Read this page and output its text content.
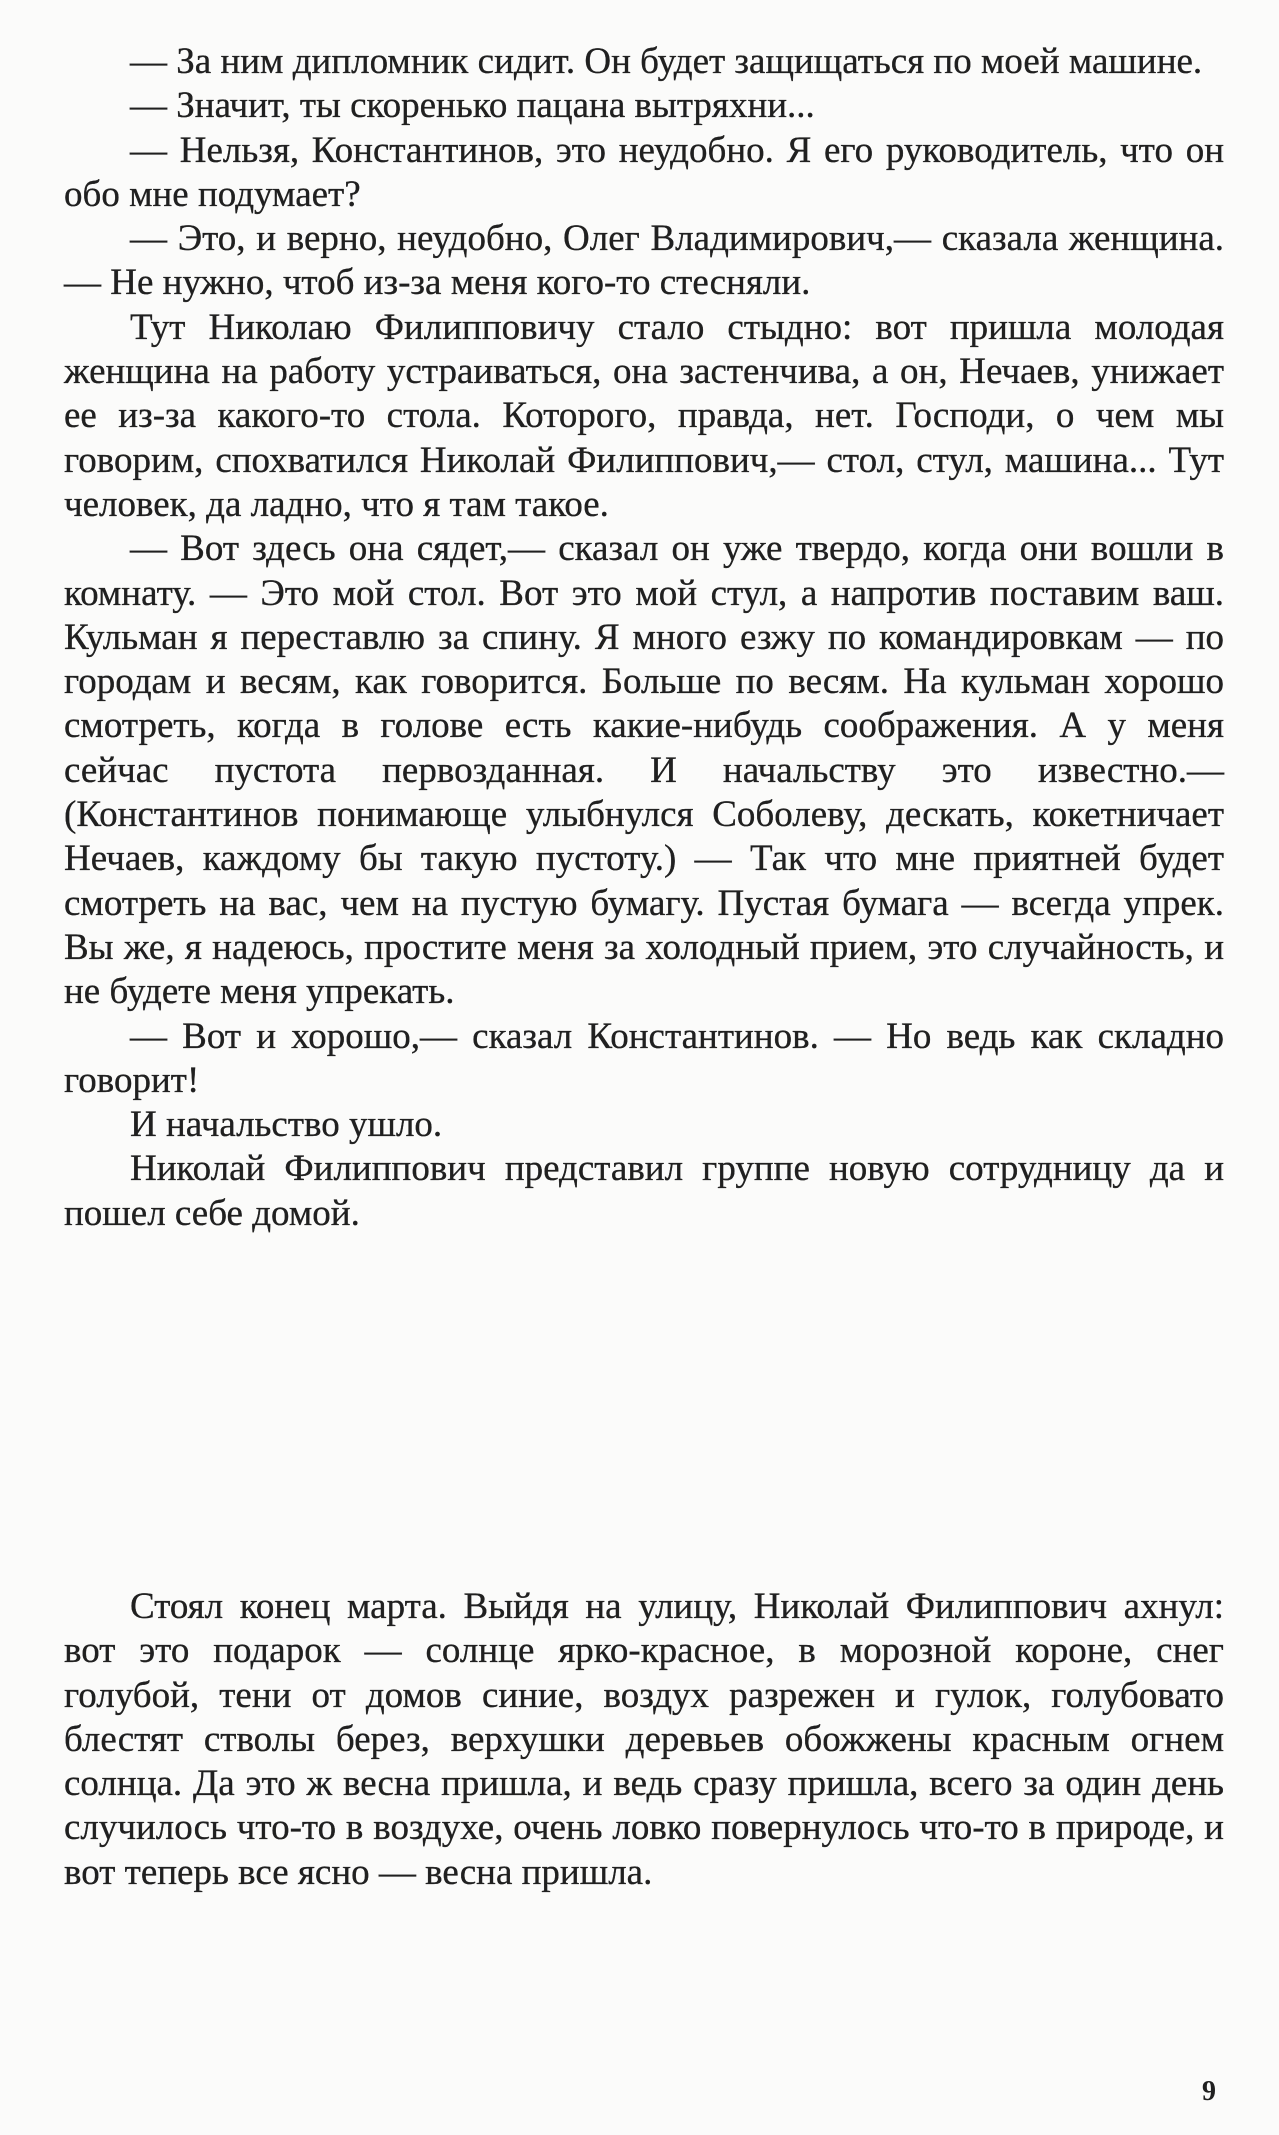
— За ним дипломник сидит. Он будет защищаться по моей машине.

— Значит, ты скоренько пацана вытряхни...

— Нельзя, Константинов, это неудобно. Я его руководитель, что он обо мне подумает?

— Это, и верно, неудобно, Олег Владимирович,— сказала женщина. — Не нужно, чтоб из-за меня кого-то стесняли.

Тут Николаю Филипповичу стало стыдно: вот пришла молодая женщина на работу устраиваться, она застенчива, а он, Нечаев, унижает ее из-за какого-то стола. Которого, правда, нет. Господи, о чем мы говорим, спохватился Николай Филиппович,— стол, стул, машина... Тут человек, да ладно, что я там такое.

— Вот здесь она сядет,— сказал он уже твердо, когда они вошли в комнату. — Это мой стол. Вот это мой стул, а напротив поставим ваш. Кульман я переставлю за спину. Я много езжу по командировкам — по городам и весям, как говорится. Больше по весям. На кульман хорошо смотреть, когда в голове есть какие-нибудь соображения. А у меня сейчас пустота первозданная. И начальству это известно.— (Константинов понимающе улыбнулся Соболеву, дескать, кокетничает Нечаев, каждому бы такую пустоту.) — Так что мне приятней будет смотреть на вас, чем на пустую бумагу. Пустая бумага — всегда упрек. Вы же, я надеюсь, простите меня за холодный прием, это случайность, и не будете меня упрекать.

— Вот и хорошо,— сказал Константинов. — Но ведь как складно говорит!

И начальство ушло.

Николай Филиппович представил группе новую сотрудницу да и пошел себе домой.

Стоял конец марта. Выйдя на улицу, Николай Филиппович ахнул: вот это подарок — солнце ярко-красное, в морозной короне, снег голубой, тени от домов синие, воздух разрежен и гулок, голубовато блестят стволы берез, верхушки деревьев обожжены красным огнем солнца. Да это ж весна пришла, и ведь сразу пришла, всего за один день случилось что-то в воздухе, очень ловко повернулось что-то в природе, и вот теперь все ясно — весна пришла.

9
